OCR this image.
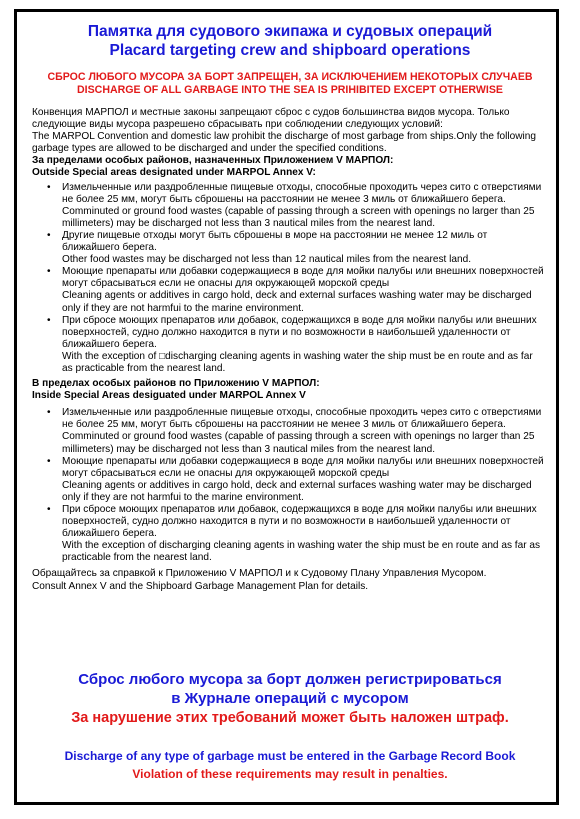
Памятка для судового экипажа и судовых операций
Placard targeting crew and shipboard operations
СБРОС ЛЮБОГО МУСОРА ЗА БОРТ ЗАПРЕЩЕН, ЗА ИСКЛЮЧЕНИЕМ НЕКОТОРЫХ СЛУЧАЕВ
DISCHARGE OF ALL GARBAGE INTO THE SEA IS PRIHIBITED EXCEPT OTHERWISE

Конвенция МАРПОЛ и местные законы запрещают сброс с судов большинства видов мусора. Только следующие виды мусора разрешено сбрасывать при соблюдении следующих условий:

The MARPOL Convention and domestic law prohibit the discharge of most garbage from ships.Only the following garbage types are allowed to be discharged and under the specified conditions.

За пределами особых районов, назначенных Приложением V МАРПОЛ:

Outside Special areas designated under MARPOL Annex V:

• Измельченные или раздробленные пищевые отходы, способные проходить через сито с отверстиями не более 25 мм, могут быть сброшены на расстоянии не менее 3 миль от ближайшего берега.
Comminuted or ground food wastes (capable of passing through a screen with openings no larger than 25 millimeters) may be discharged not less than 3 nautical miles from the nearest land.
• Другие пищевые отходы могут быть сброшены в море на расстоянии не менее 12 миль от ближайшего берега.
Other food wastes may be discharged not less than 12 nautical miles from the nearest land.
• Моющие препараты или добавки содержащиеся в воде для мойки палубы или внешних поверхностей могут сбрасываться если не опасны для окружающей морской среды
Cleaning agents or additives in cargo hold, deck and external surfaces washing water may be discharged only if they are not harmfui to the marine environment.
• При сбросе моющих препаратов или добавок, содержащихся в воде для мойки палубы или внешних поверхностей, судно должно находится в пути и по возможности в наибольшей удаленности от ближайшего берега.
With the exception of □discharging cleaning agents in washing water the ship must be en route and as far as practicable from the nearest land.

В пределах особых районов по Приложению V МАРПОЛ:

Inside Special Areas desiguated under MARPOL Annex V

• Измельченные или раздробленные пищевые отходы, способные проходить через сито с отверстиями не более 25 мм, могут быть сброшены на расстоянии не менее 3 миль от ближайшего берега.
Comminuted or ground food wastes (capable of passing through a screen with openings no larger than 25 millimeters) may be discharged not less than 3 nautical miles from the nearest land.
• Моющие препараты или добавки содержащиеся в воде для мойки палубы или внешних поверхностей могут сбрасываться если не опасны для окружающей морской среды
Cleaning agents or additives in cargo hold, deck and external surfaces washing water may be discharged only if they are not harmfui to the marine environment.
• При сбросе моющих препаратов или добавок, содержащихся в воде для мойки палубы или внешних поверхностей, судно должно находится в пути и по возможности в наибольшей удаленности от ближайшего берега.
With the exception of discharging cleaning agents in washing water the ship must be en route and as far as practicable from the nearest land.

Обращайтесь за справкой к Приложению V МАРПОЛ и к Судовому Плану Управления Мусором.

Consult Annex V and the Shipboard Garbage Management Plan for details.

Сброс любого мусора за борт должен регистрироваться
в Журнале операций с мусором
За нарушение этих требований может быть наложен штраф.
Discharge of any type of garbage must be entered in the Garbage Record Book
Violation of these requirements may result in penalties.
